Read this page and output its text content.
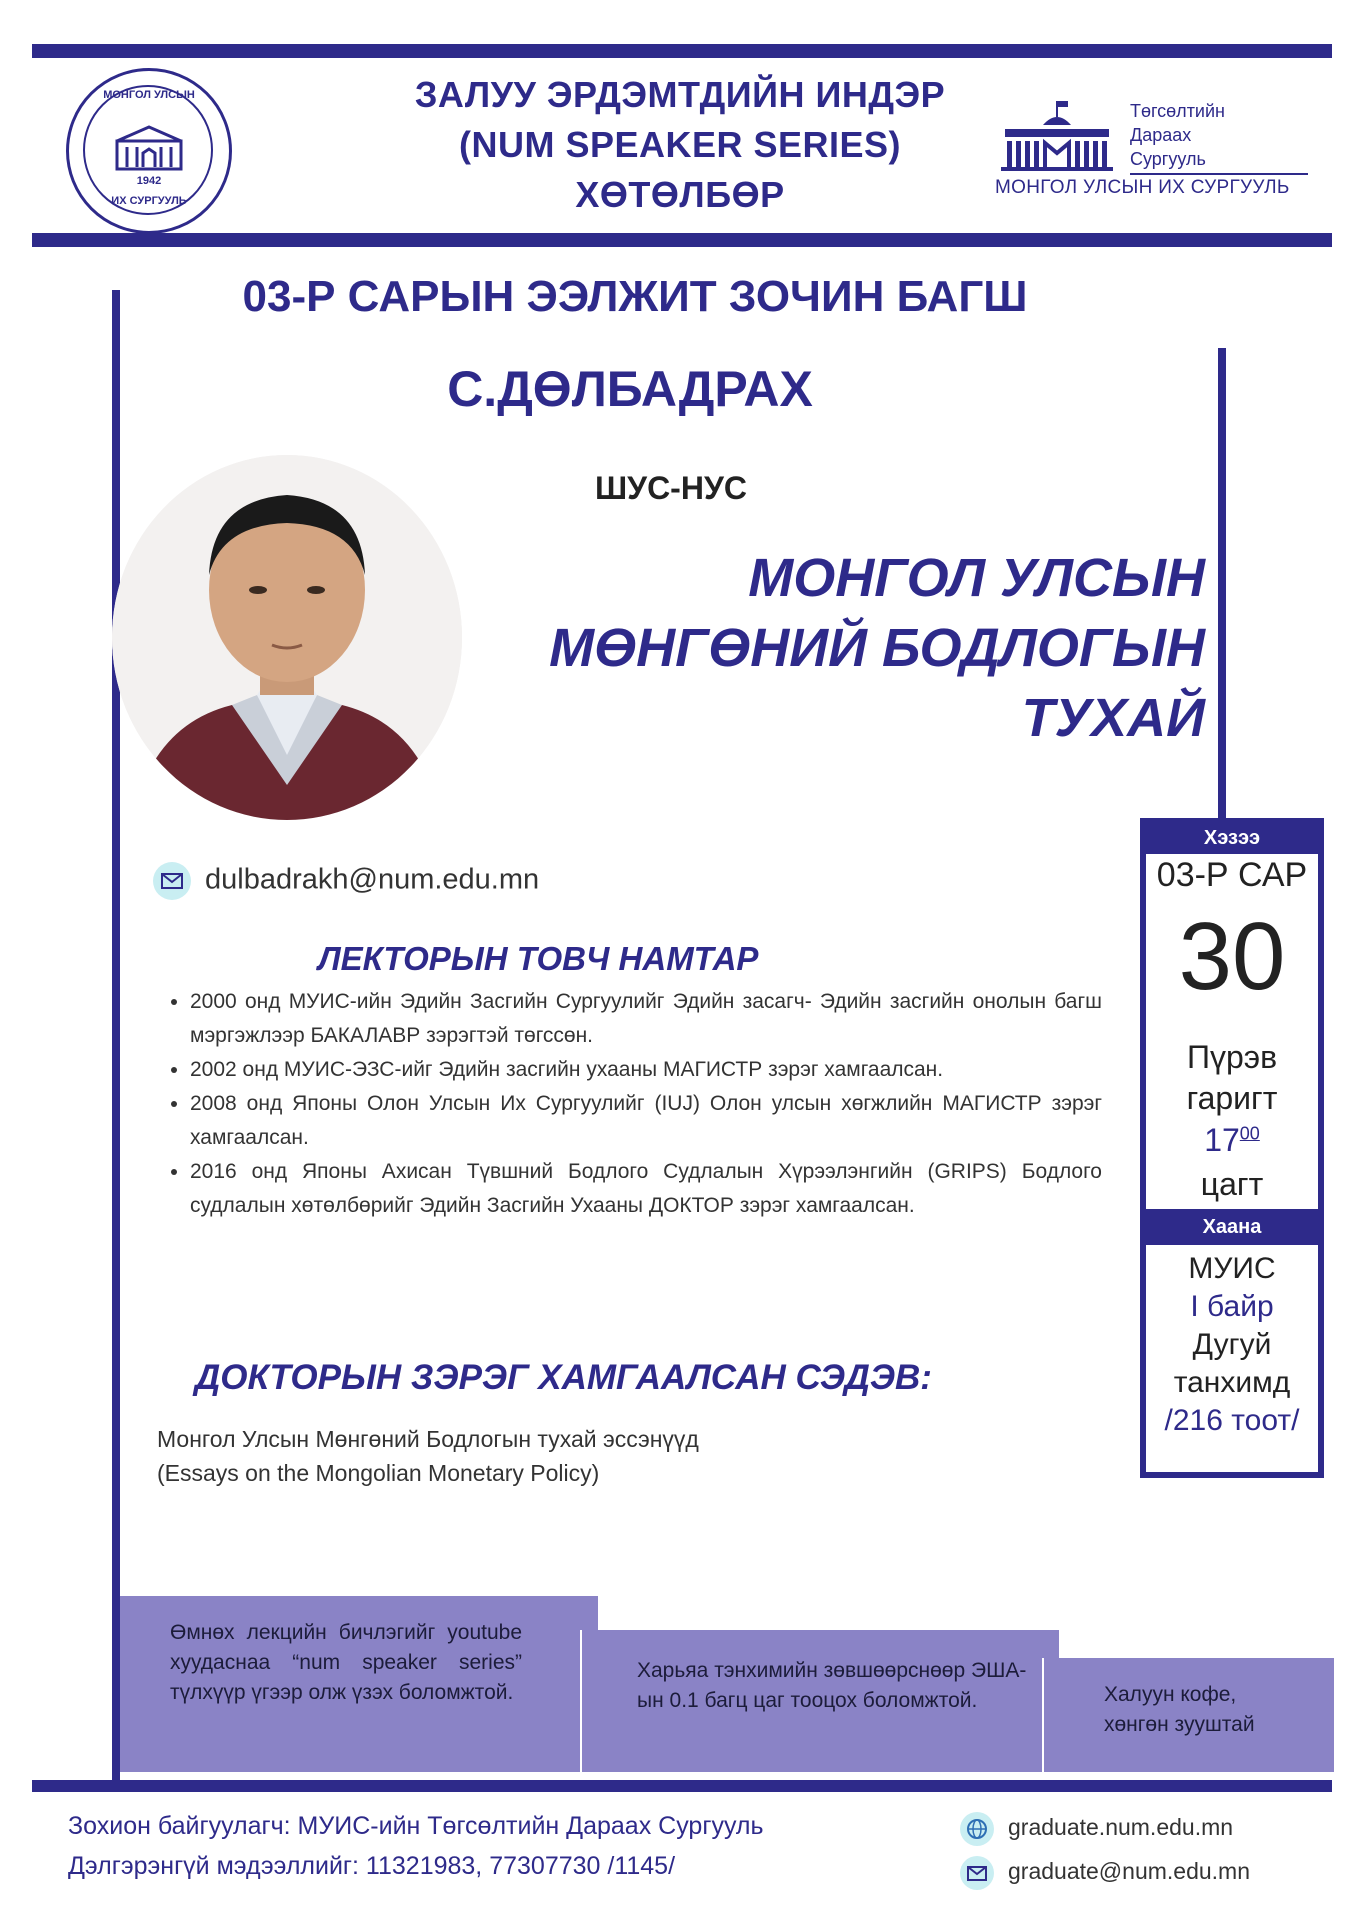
МОНГОЛ УЛСЫН
1942
ИХ СУРГУУЛЬ
ЗАЛУУ ЭРДЭМТДИЙН ИНДЭР
(NUM SPEAKER SERIES)
ХӨТӨЛБӨР
Төгсөлтийн
Дараах
Сургууль
МОНГОЛ УЛСЫН ИХ СУРГУУЛЬ
03-Р САРЫН ЭЭЛЖИТ ЗОЧИН БАГШ
С.ДӨЛБАДРАХ
ШУС-НУС
МОНГОЛ УЛСЫН
МӨНГӨНИЙ БОДЛОГЫН
ТУХАЙ
dulbadrakh@num.edu.mn
ЛЕКТОРЫН ТОВЧ НАМТАР
• 2000 онд МУИС-ийн Эдийн Засгийн Сургуулийг Эдийн засагч- Эдийн засгийн онолын багш мэргэжлээр БАКАЛАВР зэрэгтэй төгссөн.
• 2002 онд МУИС-ЭЗС-ийг Эдийн засгийн ухааны МАГИСТР зэрэг хамгаалсан.
• 2008 онд Японы Олон Улсын Их Сургуулийг (IUJ) Олон улсын хөгжлийн МАГИСТР зэрэг хамгаалсан.
• 2016 онд Японы Ахисан Түвшний Бодлого Судлалын Хүрээлэнгийн (GRIPS) Бодлого судлалын хөтөлбөрийг Эдийн Засгийн Ухааны ДОКТОР зэрэг хамгаалсан.
ДОКТОРЫН ЗЭРЭГ ХАМГААЛСАН СЭДЭВ:
Монгол Улсын Мөнгөний Бодлогын тухай эссэнүүд
(Essays on the Mongolian Monetary Policy)
Хэзээ
03-Р САР
30
Пүрэв
гаригт
$17^{00}$
цагт
Хаана
МУИС
I байр
Дугуй
танхимд
/216 тоот/
Өмнөх лекцийн бичлэгийг youtube хуудаснаа “num speaker series” түлхүүр үгээр олж үзэх боломжтой.
Харьяа тэнхимийн зөвшөөрснөөр ЭША-ын 0.1 багц цаг тооцох боломжтой.	Халуун кофе, хөнгөн зууштай
Зохион байгуулагч: МУИС-ийн Төгсөлтийн Дараах Сургууль
Дэлгэрэнгүй мэдээллийг: 11321983, 77307730 /1145/
graduate.num.edu.mn
graduate@num.edu.mn
